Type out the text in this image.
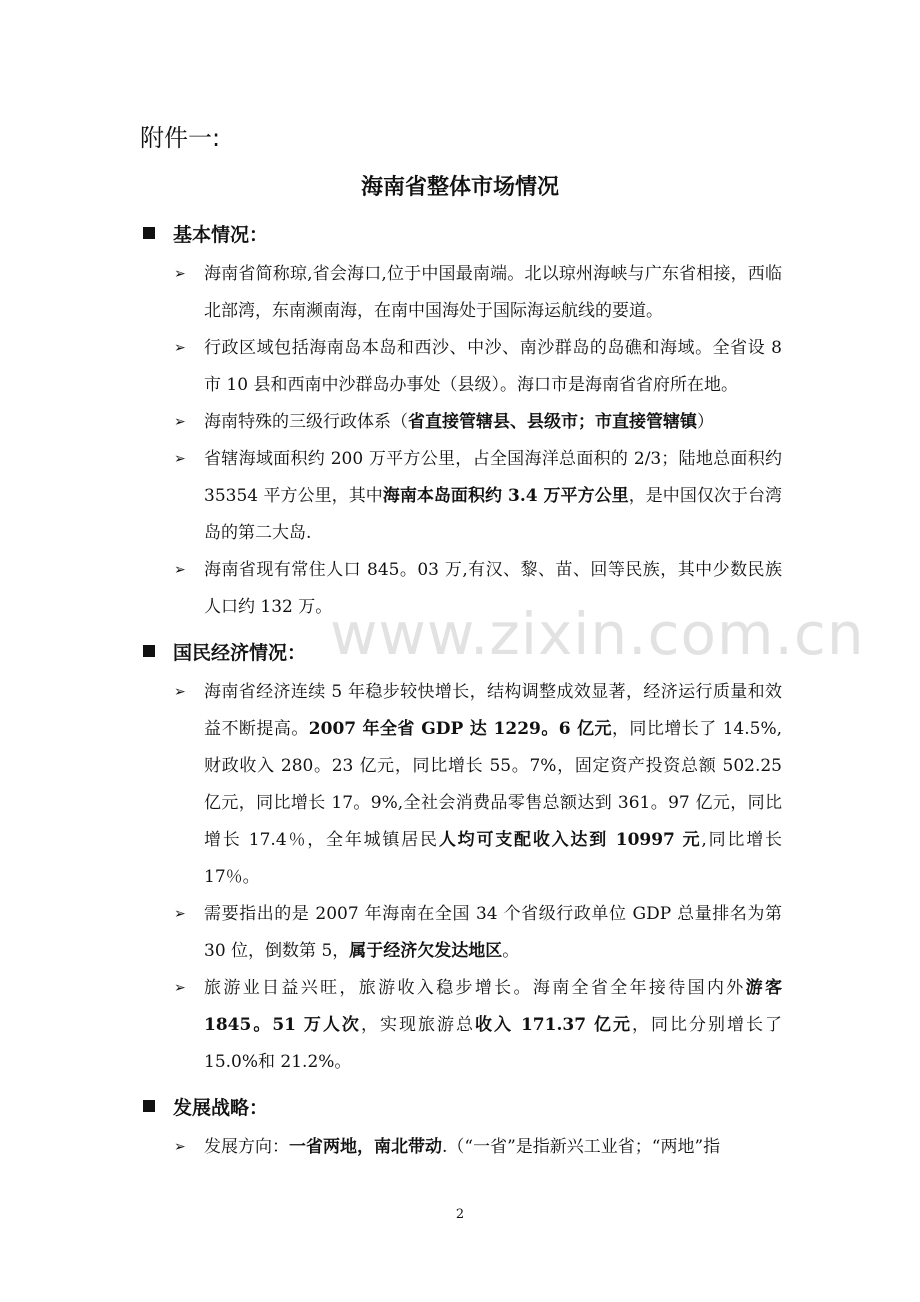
附件一:
海南省整体市场情况
www.zixin.com.cn
基本情况：
➢ 海南省简称琼,省会海口,位于中国最南端。北以琼州海峡与广东省相接，西临北部湾，东南濒南海，在南中国海处于国际海运航线的要道。
➢ 行政区域包括海南岛本岛和西沙、中沙、南沙群岛的岛礁和海域。全省设 8 市 10 县和西南中沙群岛办事处（县级）。海口市是海南省省府所在地。
➢ 海南特殊的三级行政体系（省直接管辖县、县级市；市直接管辖镇）
➢ 省辖海域面积约 200 万平方公里，占全国海洋总面积的 2/3；陆地总面积约 35354 平方公里，其中海南本岛面积约 3.4 万平方公里，是中国仅次于台湾岛的第二大岛.
➢ 海南省现有常住人口 845。03 万,有汉、黎、苗、回等民族，其中少数民族人口约 132 万。
国民经济情况：
➢ 海南省经济连续 5 年稳步较快增长，结构调整成效显著，经济运行质量和效益不断提高。2007 年全省 GDP 达 1229。6 亿元，同比增长了 14.5%,财政收入 280。23 亿元，同比增长 55。7%，固定资产投资总额 502.25 亿元，同比增长 17。9%,全社会消费品零售总额达到 361。97 亿元，同比增长 17.4％，全年城镇居民人均可支配收入达到 10997 元,同比增长 17％。
➢ 需要指出的是 2007 年海南在全国 34 个省级行政单位 GDP 总量排名为第 30 位，倒数第 5，属于经济欠发达地区。
➢ 旅游业日益兴旺，旅游收入稳步增长。海南全省全年接待国内外游客 1845。51 万人次，实现旅游总收入 171.37 亿元，同比分别增长了 15.0%和 21.2%。
发展战略：
➢ 发展方向：一省两地，南北带动.（“一省”是指新兴工业省；“两地”指
2
